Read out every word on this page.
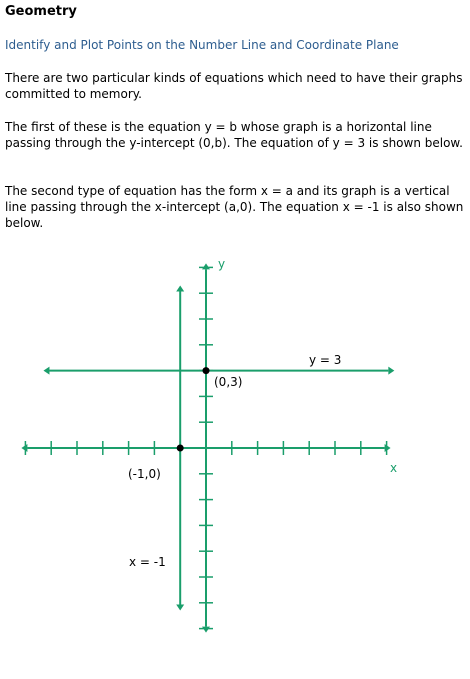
Geometry
Identify and Plot Points on the Number Line and Coordinate Plane

There are two particular kinds of equations which need to have their graphs committed to memory.

The first of these is the equation y = b whose graph is a horizontal line passing through the y-intercept (0,b). The equation of y = 3 is shown below.

The second type of equation has the form x = a and its graph is a vertical line passing through the x-intercept (a,0). The equation x = -1 is also shown below.

x
y
y = 3
x = -1
(0,3)
(-1,0)
